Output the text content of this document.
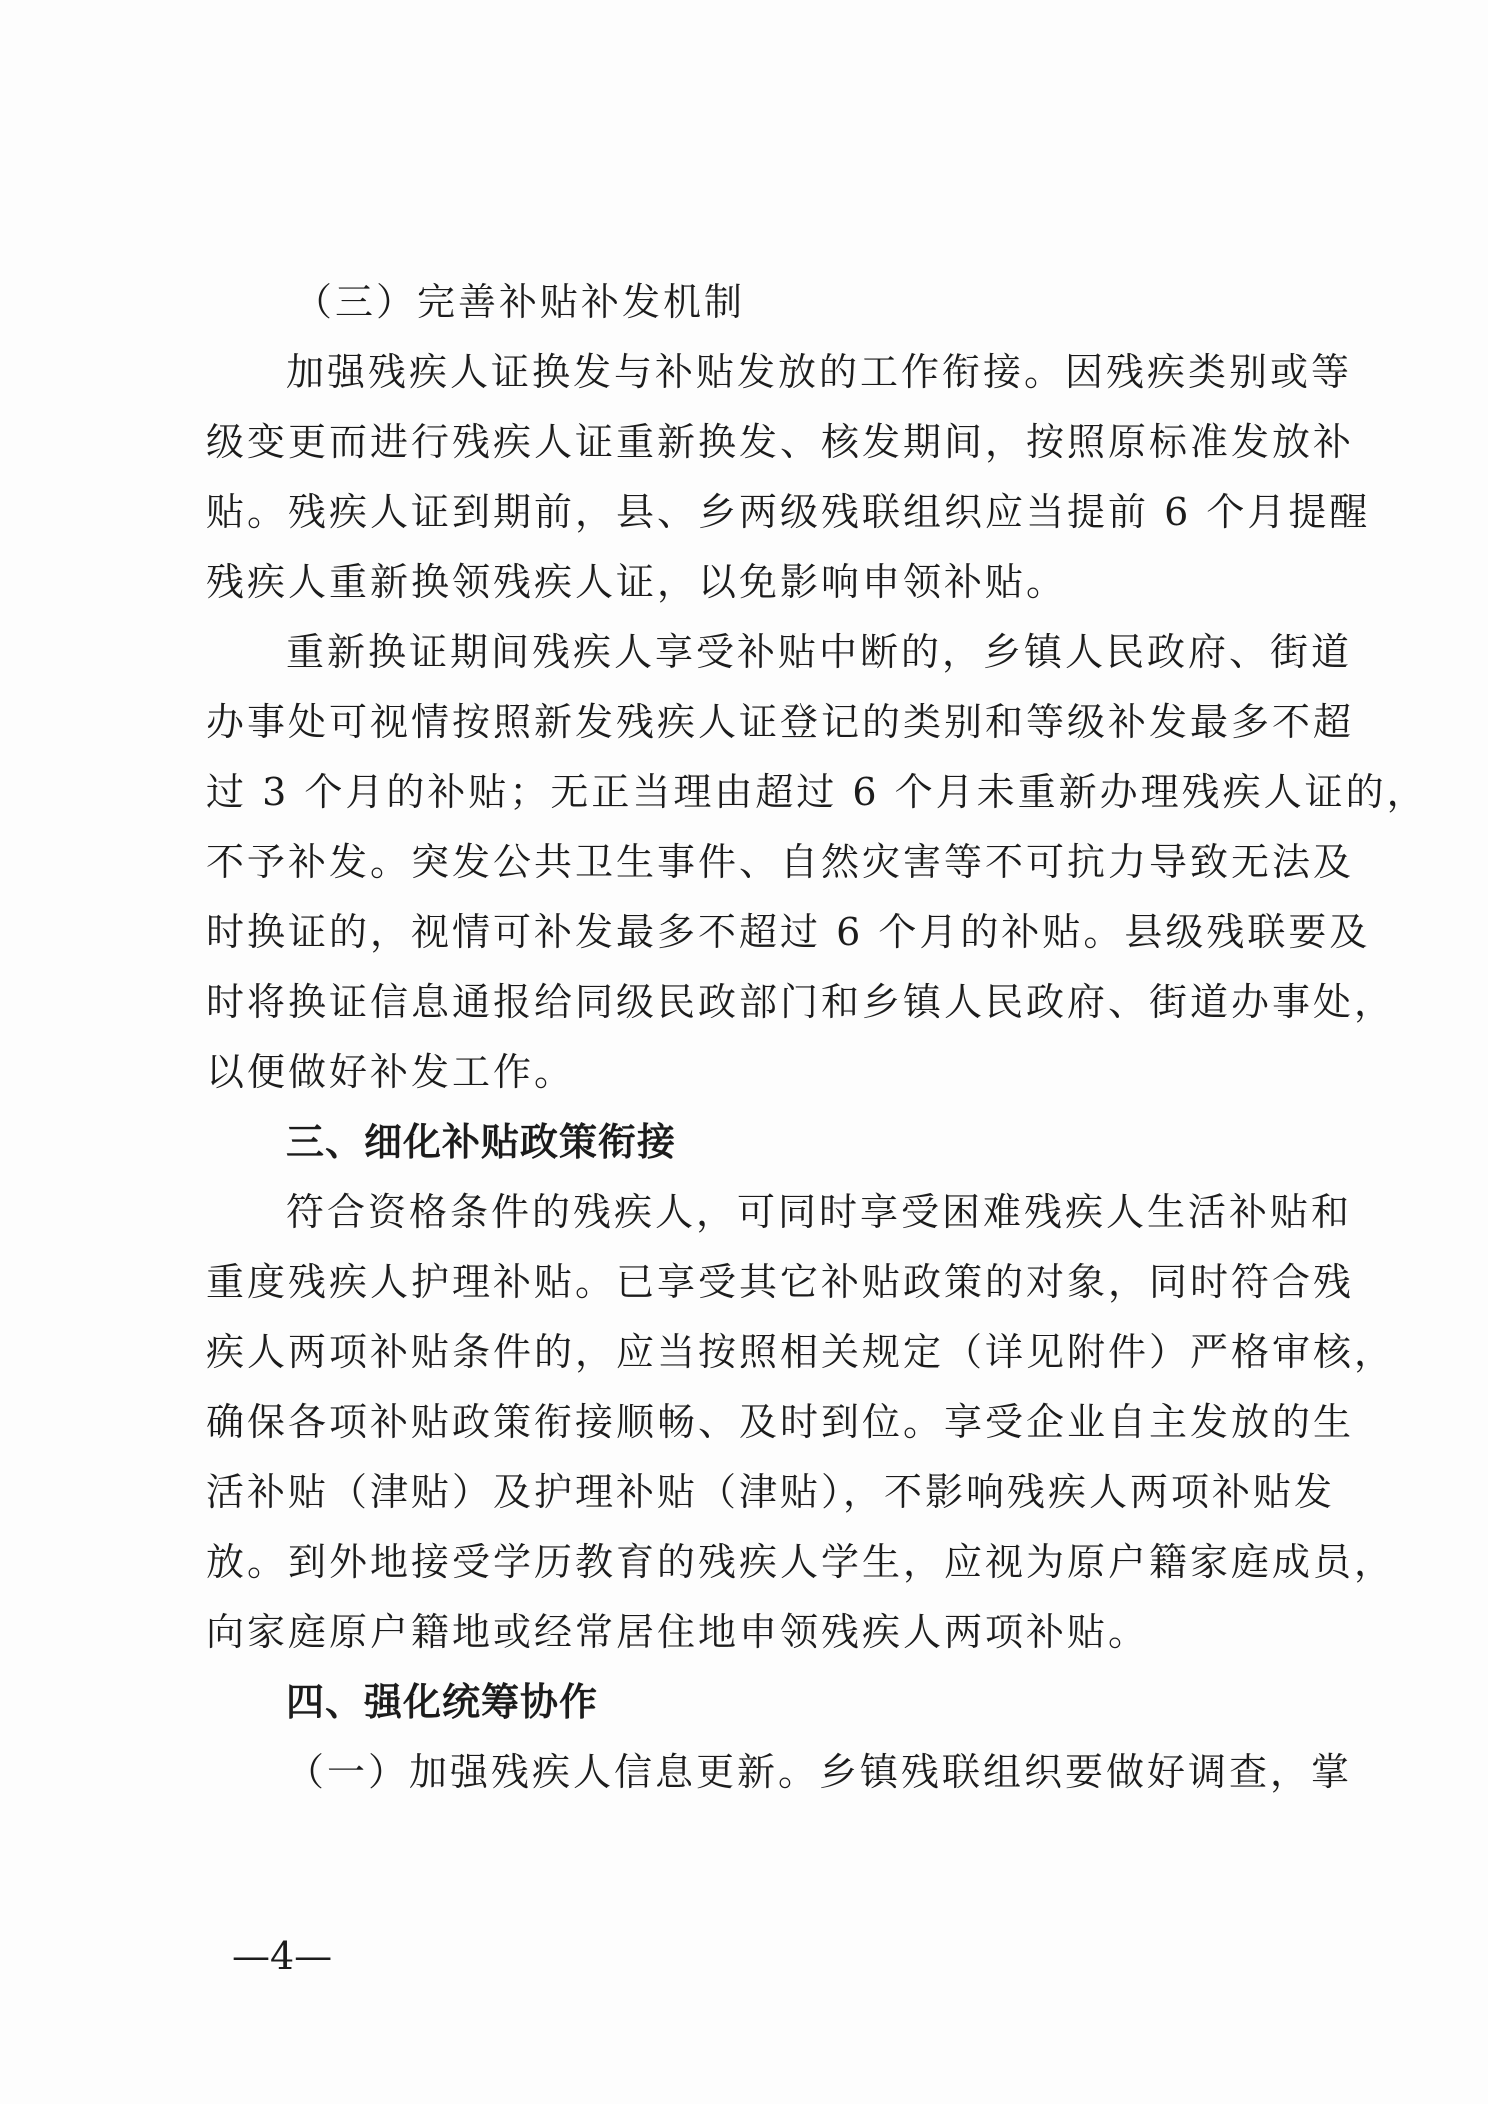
（三）完善补贴补发机制
加强残疾人证换发与补贴发放的工作衔接。因残疾类别或等
级变更而进行残疾人证重新换发、核发期间，按照原标准发放补
贴。残疾人证到期前，县、乡两级残联组织应当提前 6 个月提醒
残疾人重新换领残疾人证，以免影响申领补贴。
重新换证期间残疾人享受补贴中断的，乡镇人民政府、街道
办事处可视情按照新发残疾人证登记的类别和等级补发最多不超
过 3 个月的补贴；无正当理由超过 6 个月未重新办理残疾人证的，
不予补发。突发公共卫生事件、自然灾害等不可抗力导致无法及
时换证的，视情可补发最多不超过 6 个月的补贴。县级残联要及
时将换证信息通报给同级民政部门和乡镇人民政府、街道办事处，
以便做好补发工作。
三、细化补贴政策衔接
符合资格条件的残疾人，可同时享受困难残疾人生活补贴和
重度残疾人护理补贴。已享受其它补贴政策的对象，同时符合残
疾人两项补贴条件的，应当按照相关规定（详见附件）严格审核，
确保各项补贴政策衔接顺畅、及时到位。享受企业自主发放的生
活补贴（津贴）及护理补贴（津贴），不影响残疾人两项补贴发
放。到外地接受学历教育的残疾人学生，应视为原户籍家庭成员，
向家庭原户籍地或经常居住地申领残疾人两项补贴。
四、强化统筹协作
（一）加强残疾人信息更新。乡镇残联组织要做好调查，掌
—4—
